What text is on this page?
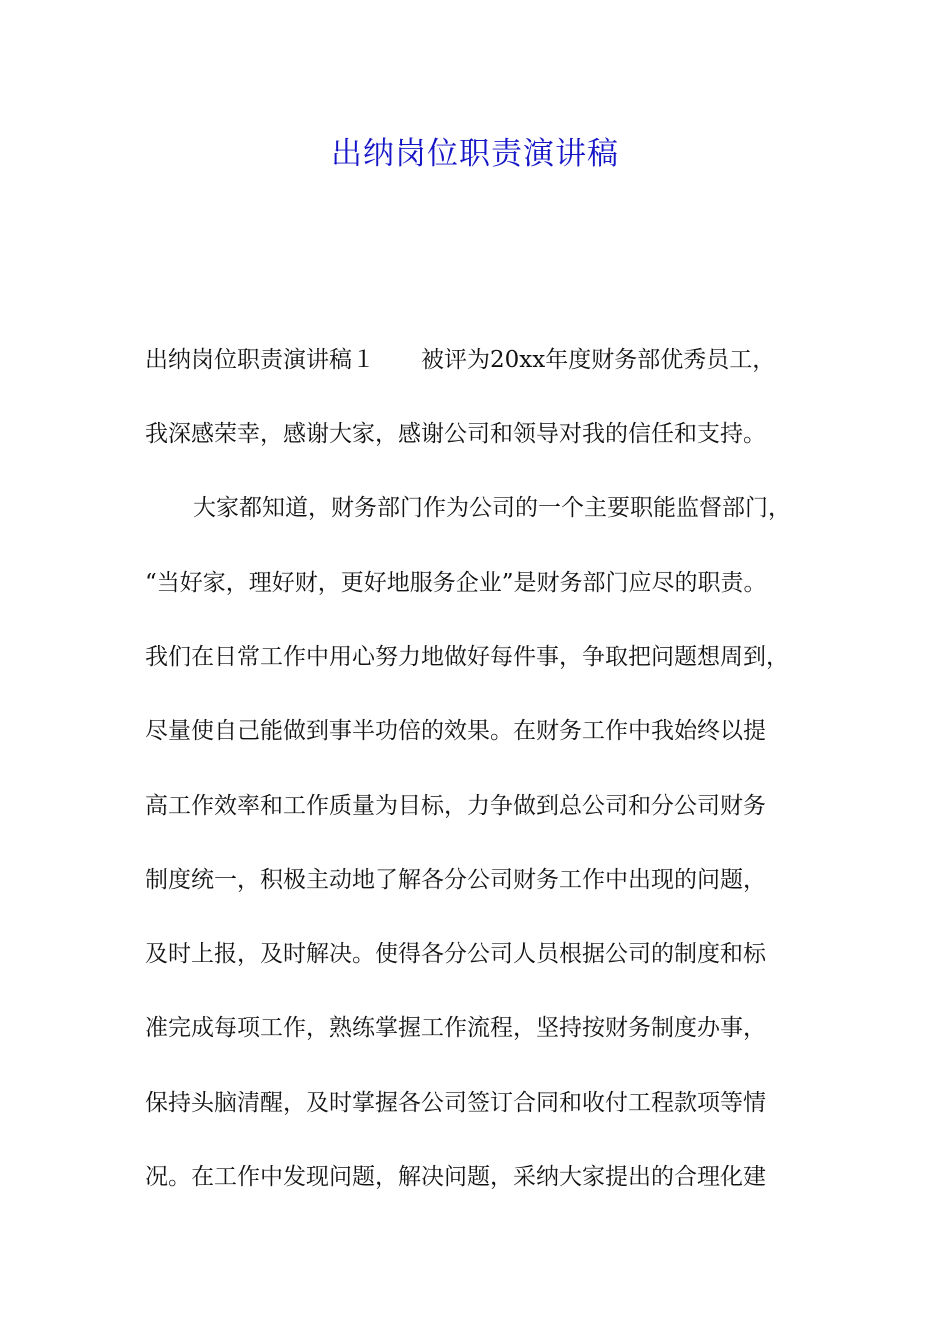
出纳岗位职责演讲稿
出纳岗位职责演讲稿１ 被评为20xx年度财务部优秀员工，
我深感荣幸，感谢大家，感谢公司和领导对我的信任和支持。
大家都知道，财务部门作为公司的一个主要职能监督部门，
“当好家，理好财，更好地服务企业”是财务部门应尽的职责。
我们在日常工作中用心努力地做好每件事，争取把问题想周到，
尽量使自己能做到事半功倍的效果。在财务工作中我始终以提
高工作效率和工作质量为目标，力争做到总公司和分公司财务
制度统一，积极主动地了解各分公司财务工作中出现的问题，
及时上报，及时解决。使得各分公司人员根据公司的制度和标
准完成每项工作，熟练掌握工作流程，坚持按财务制度办事，
保持头脑清醒，及时掌握各公司签订合同和收付工程款项等情
况。在工作中发现问题，解决问题，采纳大家提出的合理化建
